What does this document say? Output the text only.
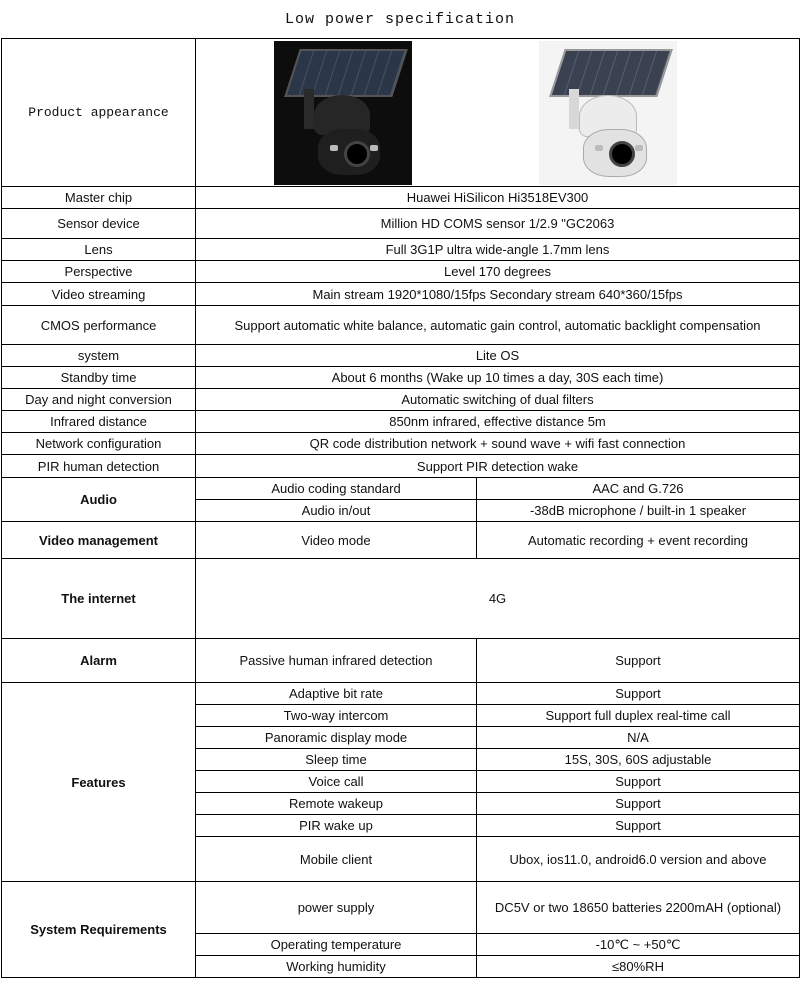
Low power specification
Product appearance		

Master chip	Huawei HiSilicon Hi3518EV300	
Sensor device	Million HD COMS sensor 1/2.9 "GC2063	
Lens	Full 3G1P ultra wide-angle 1.7mm lens	
Perspective	Level 170 degrees	
Video streaming	Main stream 1920*1080/15fps Secondary stream 640*360/15fps	
CMOS performance	Support automatic white balance, automatic gain control, automatic backlight compensation	
system	Lite OS	
Standby time	About 6 months (Wake up 10 times a day, 30S each time)	
Day and night conversion	Automatic switching of dual filters	
Infrared distance	850nm infrared, effective distance 5m	
Network configuration	QR code distribution network + sound wave + wifi fast connection	
PIR human detection	Support PIR detection wake	
Audio	Audio coding standard	AAC and G.726
	Audio in/out	-38dB microphone / built-in 1 speaker
Video management	Video mode	Automatic recording + event recording
The internet	4G	
Alarm	Passive human infrared detection	Support
Features	Adaptive bit rate	Support
	Two-way intercom	Support full duplex real-time call
	Panoramic display mode	N/A
	Sleep time	15S, 30S, 60S adjustable
	Voice call	Support
	Remote wakeup	Support
	PIR wake up	Support
	Mobile client	Ubox, ios11.0, android6.0 version and above
System Requirements	power supply	DC5V or two 18650 batteries 2200mAH (optional)
	Operating temperature	-10℃ ~ +50℃
	Working humidity	≤80%RH
